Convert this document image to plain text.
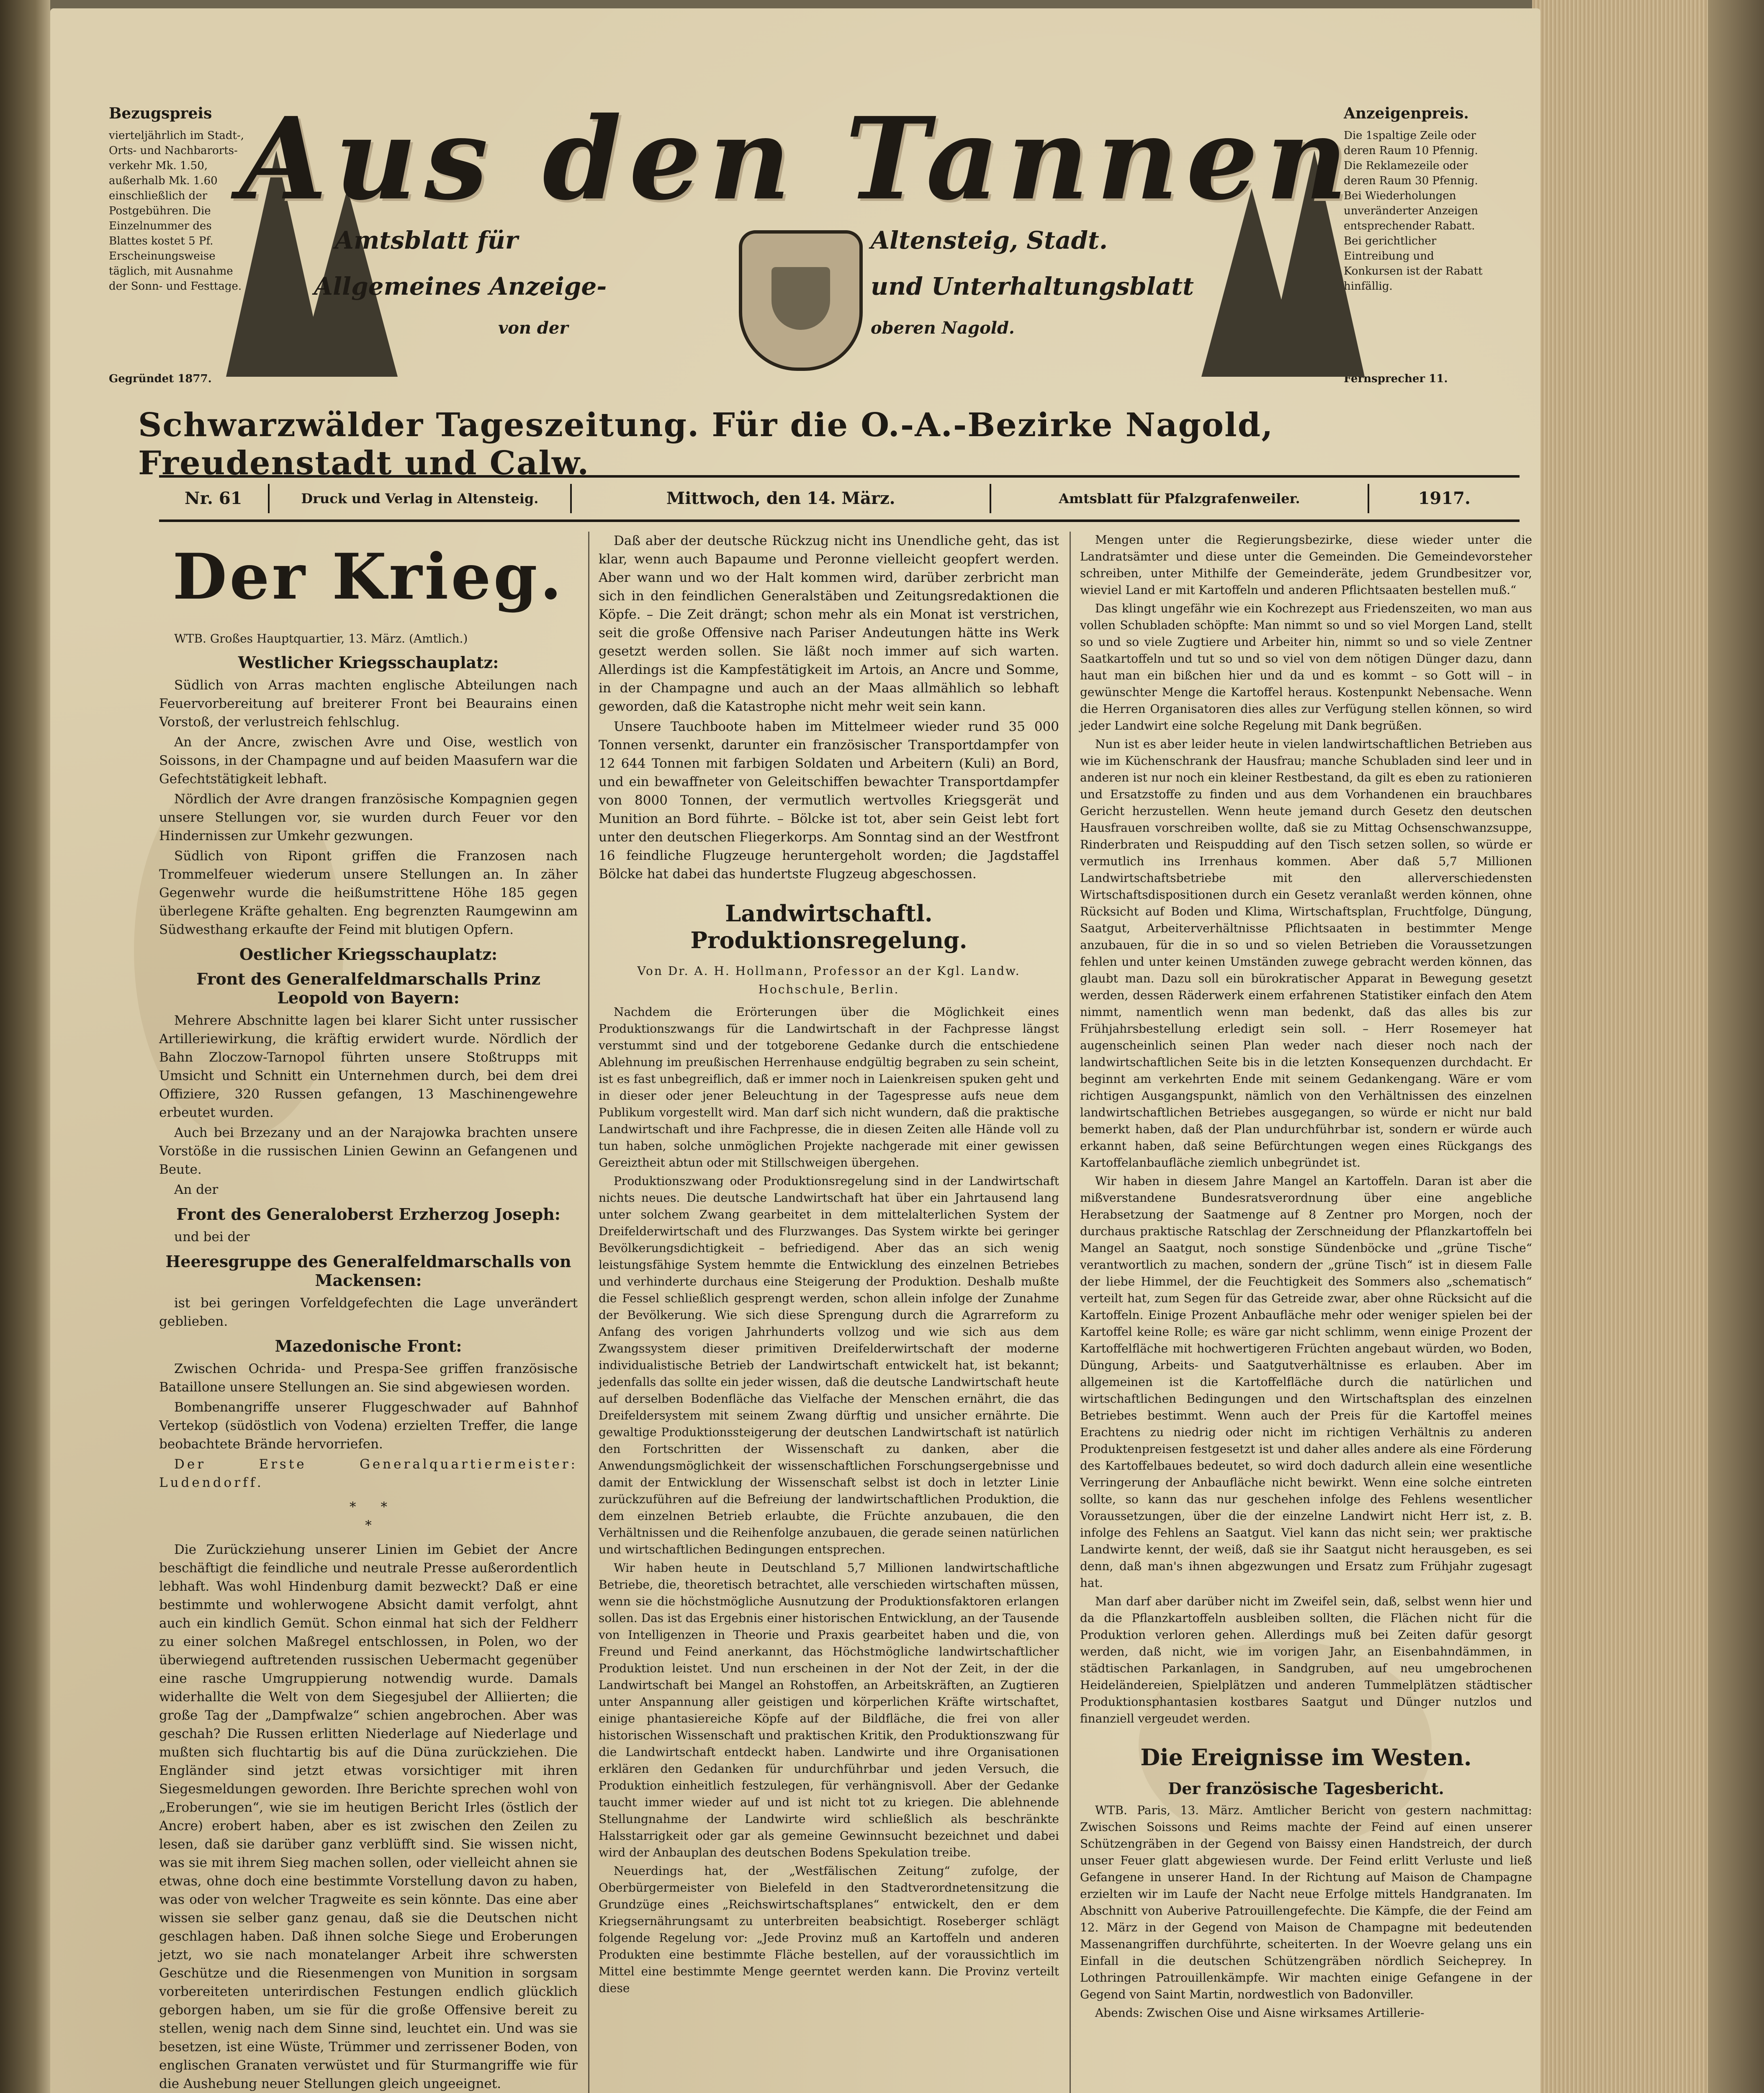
Bezugspreis
vierteljährlich im Stadt-, Orts- und Nachbarorts- verkehr Mk. 1.50, außerhalb Mk. 1.60 einschließlich der Postgebühren. Die Einzelnummer des Blattes kostet 5 Pf. Erscheinungsweise täglich, mit Ausnahme der Sonn- und Festtage.
Gegründet 1877.
Anzeigenpreis.
Die 1spaltige Zeile oder deren Raum 10 Pfennig. Die Reklamezeile oder deren Raum 30 Pfennig. Bei Wiederholungen unveränderter Anzeigen entsprechender Rabatt. Bei gerichtlicher Eintreibung und Konkursen ist der Rabatt hinfällig.
Fernsprecher 11.
Aus den Tannen
Amtsblatt für	Altensteig, Stadt.
Allgemeines Anzeige-	und Unterhaltungsblatt
von der	oberen Nagold.
Schwarzwälder Tageszeitung. Für die O.-A.-Bezirke Nagold, Freudenstadt und Calw.
Nr. 61	Druck und Verlag in Altensteig.	Mittwoch, den 14. März.	Amtsblatt für Pfalzgrafenweiler.	1917.
Der Krieg.

WTB. Großes Hauptquartier, 13. März. (Amtlich.)

Westlicher Kriegsschauplatz:

Südlich von Arras machten englische Abteilungen nach Feuervorbereitung auf breiterer Front bei Beaurains einen Vorstoß, der verlustreich fehlschlug.

An der Ancre, zwischen Avre und Oise, westlich von Soissons, in der Champagne und auf beiden Maasufern war die Gefechtstätigkeit lebhaft.

Nördlich der Avre drangen französische Kompagnien gegen unsere Stellungen vor, sie wurden durch Feuer vor den Hindernissen zur Umkehr gezwungen.

Südlich von Ripont griffen die Franzosen nach Trommelfeuer wiederum unsere Stellungen an. In zäher Gegenwehr wurde die heißumstrittene Höhe 185 gegen überlegene Kräfte gehalten. Eng begrenzten Raumgewinn am Südwesthang erkaufte der Feind mit blutigen Opfern.

Oestlicher Kriegsschauplatz:
Front des Generalfeldmarschalls Prinz Leopold von Bayern:

Mehrere Abschnitte lagen bei klarer Sicht unter russischer Artilleriewirkung, die kräftig erwidert wurde. Nördlich der Bahn Zloczow-Tarnopol führten unsere Stoßtrupps mit Umsicht und Schnitt ein Unternehmen durch, bei dem drei Offiziere, 320 Russen gefangen, 13 Maschinengewehre erbeutet wurden.

Auch bei Brzezany und an der Narajowka brachten unsere Vorstöße in die russischen Linien Gewinn an Gefangenen und Beute.

An der

Front des Generaloberst Erzherzog Joseph:

und bei der

Heeresgruppe des Generalfeldmarschalls von Mackensen:

ist bei geringen Vorfeldgefechten die Lage unverändert geblieben.

Mazedonische Front:

Zwischen Ochrida- und Prespa-See griffen französische Bataillone unsere Stellungen an. Sie sind abgewiesen worden.

Bombenangriffe unserer Fluggeschwader auf Bahnhof Vertekop (südöstlich von Vodena) erzielten Treffer, die lange beobachtete Brände hervorriefen.

Der Erste Generalquartiermeister: Ludendorff.

*      *
*

Die Zurückziehung unserer Linien im Gebiet der Ancre beschäftigt die feindliche und neutrale Presse außerordentlich lebhaft. Was wohl Hindenburg damit bezweckt? Daß er eine bestimmte und wohlerwogene Absicht damit verfolgt, ahnt auch ein kindlich Gemüt. Schon einmal hat sich der Feldherr zu einer solchen Maßregel entschlossen, in Polen, wo der überwiegend auftretenden russischen Uebermacht gegenüber eine rasche Umgruppierung notwendig wurde. Damals widerhallte die Welt von dem Siegesjubel der Alliierten; die große Tag der „Dampfwalze“ schien angebrochen. Aber was geschah? Die Russen erlitten Niederlage auf Niederlage und mußten sich fluchtartig bis auf die Düna zurückziehen. Die Engländer sind jetzt etwas vorsichtiger mit ihren Siegesmeldungen geworden. Ihre Berichte sprechen wohl von „Eroberungen“, wie sie im heutigen Bericht Irles (östlich der Ancre) erobert haben, aber es ist zwischen den Zeilen zu lesen, daß sie darüber ganz verblüfft sind. Sie wissen nicht, was sie mit ihrem Sieg machen sollen, oder vielleicht ahnen sie etwas, ohne doch eine bestimmte Vorstellung davon zu haben, was oder von welcher Tragweite es sein könnte. Das eine aber wissen sie selber ganz genau, daß sie die Deutschen nicht geschlagen haben. Daß ihnen solche Siege und Eroberungen jetzt, wo sie nach monatelanger Arbeit ihre schwersten Geschütze und die Riesenmengen von Munition in sorgsam vorbereiteten unterirdischen Festungen endlich glücklich geborgen haben, um sie für die große Offensive bereit zu stellen, wenig nach dem Sinne sind, leuchtet ein. Und was sie besetzen, ist eine Wüste, Trümmer und zerrissener Boden, von englischen Granaten verwüstet und für Sturmangriffe wie für die Aushebung neuer Stellungen gleich ungeeignet.

Daß aber der deutsche Rückzug nicht ins Unendliche geht, das ist klar, wenn auch Bapaume und Peronne vielleicht geopfert werden. Aber wann und wo der Halt kommen wird, darüber zerbricht man sich in den feindlichen Generalstäben und Zeitungsredaktionen die Köpfe. – Die Zeit drängt; schon mehr als ein Monat ist verstrichen, seit die große Offensive nach Pariser Andeutungen hätte ins Werk gesetzt werden sollen. Sie läßt noch immer auf sich warten. Allerdings ist die Kampfestätigkeit im Artois, an Ancre und Somme, in der Champagne und auch an der Maas allmählich so lebhaft geworden, daß die Katastrophe nicht mehr weit sein kann.

Unsere Tauchboote haben im Mittelmeer wieder rund 35 000 Tonnen versenkt, darunter ein französischer Transportdampfer von 12 644 Tonnen mit farbigen Soldaten und Arbeitern (Kuli) an Bord, und ein bewaffneter von Geleitschiffen bewachter Transportdampfer von 8000 Tonnen, der vermutlich wertvolles Kriegsgerät und Munition an Bord führte. – Bölcke ist tot, aber sein Geist lebt fort unter den deutschen Fliegerkorps. Am Sonntag sind an der Westfront 16 feindliche Flugzeuge heruntergeholt worden; die Jagdstaffel Bölcke hat dabei das hundertste Flugzeug abgeschossen.

Landwirtschaftl. Produktionsregelung.

Von Dr. A. H. Hollmann, Professor an der Kgl. Landw. Hochschule, Berlin.

Nachdem die Erörterungen über die Möglichkeit eines Produktionszwangs für die Landwirtschaft in der Fachpresse längst verstummt sind und der totgeborene Gedanke durch die entschiedene Ablehnung im preußischen Herrenhause endgültig begraben zu sein scheint, ist es fast unbegreiflich, daß er immer noch in Laienkreisen spuken geht und in dieser oder jener Beleuchtung in der Tagespresse aufs neue dem Publikum vorgestellt wird. Man darf sich nicht wundern, daß die praktische Landwirtschaft und ihre Fachpresse, die in diesen Zeiten alle Hände voll zu tun haben, solche unmöglichen Projekte nachgerade mit einer gewissen Gereiztheit abtun oder mit Stillschweigen übergehen.

Produktionszwang oder Produktionsregelung sind in der Landwirtschaft nichts neues. Die deutsche Landwirtschaft hat über ein Jahrtausend lang unter solchem Zwang gearbeitet in dem mittelalterlichen System der Dreifelderwirtschaft und des Flurzwanges. Das System wirkte bei geringer Bevölkerungsdichtigkeit – befriedigend. Aber das an sich wenig leistungsfähige System hemmte die Entwicklung des einzelnen Betriebes und verhinderte durchaus eine Steigerung der Produktion. Deshalb mußte die Fessel schließlich gesprengt werden, schon allein infolge der Zunahme der Bevölkerung. Wie sich diese Sprengung durch die Agrarreform zu Anfang des vorigen Jahrhunderts vollzog und wie sich aus dem Zwangssystem dieser primitiven Dreifelderwirtschaft der moderne individualistische Betrieb der Landwirtschaft entwickelt hat, ist bekannt; jedenfalls das sollte ein jeder wissen, daß die deutsche Landwirtschaft heute auf derselben Bodenfläche das Vielfache der Menschen ernährt, die das Dreifeldersystem mit seinem Zwang dürftig und unsicher ernährte. Die gewaltige Produktionssteigerung der deutschen Landwirtschaft ist natürlich den Fortschritten der Wissenschaft zu danken, aber die Anwendungsmöglichkeit der wissenschaftlichen Forschungsergebnisse und damit der Entwicklung der Wissenschaft selbst ist doch in letzter Linie zurückzuführen auf die Befreiung der landwirtschaftlichen Produktion, die dem einzelnen Betrieb erlaubte, die Früchte anzubauen, die den Verhältnissen und die Reihenfolge anzubauen, die gerade seinen natürlichen und wirtschaftlichen Bedingungen entsprechen.

Wir haben heute in Deutschland 5,7 Millionen landwirtschaftliche Betriebe, die, theoretisch betrachtet, alle verschieden wirtschaften müssen, wenn sie die höchstmögliche Ausnutzung der Produktionsfaktoren erlangen sollen. Das ist das Ergebnis einer historischen Entwicklung, an der Tausende von Intelligenzen in Theorie und Praxis gearbeitet haben und die, von Freund und Feind anerkannt, das Höchstmögliche landwirtschaftlicher Produktion leistet. Und nun erscheinen in der Not der Zeit, in der die Landwirtschaft bei Mangel an Rohstoffen, an Arbeitskräften, an Zugtieren unter Anspannung aller geistigen und körperlichen Kräfte wirtschaftet, einige phantasiereiche Köpfe auf der Bildfläche, die frei von aller historischen Wissenschaft und praktischen Kritik, den Produktionszwang für die Landwirtschaft entdeckt haben. Landwirte und ihre Organisationen erklären den Gedanken für undurchführbar und jeden Versuch, die Produktion einheitlich festzulegen, für verhängnisvoll. Aber der Gedanke taucht immer wieder auf und ist nicht tot zu kriegen. Die ablehnende Stellungnahme der Landwirte wird schließlich als beschränkte Halsstarrigkeit oder gar als gemeine Gewinnsucht bezeichnet und dabei wird der Anbauplan des deutschen Bodens Spekulation treibe.

Neuerdings hat, der „Westfälischen Zeitung“ zufolge, der Oberbürgermeister von Bielefeld in den Stadtverordnetensitzung die Grundzüge eines „Reichswirtschaftsplanes“ entwickelt, den er dem Kriegsernährungsamt zu unterbreiten beabsichtigt. Roseberger schlägt folgende Regelung vor: „Jede Provinz muß an Kartoffeln und anderen Produkten eine bestimmte Fläche bestellen, auf der voraussichtlich im Mittel eine bestimmte Menge geerntet werden kann. Die Provinz verteilt diese

Mengen unter die Regierungsbezirke, diese wieder unter die Landratsämter und diese unter die Gemeinden. Die Gemeindevorsteher schreiben, unter Mithilfe der Gemeinderäte, jedem Grundbesitzer vor, wieviel Land er mit Kartoffeln und anderen Pflichtsaaten bestellen muß.“

Das klingt ungefähr wie ein Kochrezept aus Friedenszeiten, wo man aus vollen Schubladen schöpfte: Man nimmt so und so viel Morgen Land, stellt so und so viele Zugtiere und Arbeiter hin, nimmt so und so viele Zentner Saatkartoffeln und tut so und so viel von dem nötigen Dünger dazu, dann haut man ein bißchen hier und da und es kommt – so Gott will – in gewünschter Menge die Kartoffel heraus. Kostenpunkt Nebensache. Wenn die Herren Organisatoren dies alles zur Verfügung stellen können, so wird jeder Landwirt eine solche Regelung mit Dank begrüßen.

Nun ist es aber leider heute in vielen landwirtschaftlichen Betrieben aus wie im Küchenschrank der Hausfrau; manche Schubladen sind leer und in anderen ist nur noch ein kleiner Restbestand, da gilt es eben zu rationieren und Ersatzstoffe zu finden und aus dem Vorhandenen ein brauchbares Gericht herzustellen. Wenn heute jemand durch Gesetz den deutschen Hausfrauen vorschreiben wollte, daß sie zu Mittag Ochsenschwanzsuppe, Rinderbraten und Reispudding auf den Tisch setzen sollen, so würde er vermutlich ins Irrenhaus kommen. Aber daß 5,7 Millionen Landwirtschaftsbetriebe mit den allerverschiedensten Wirtschaftsdispositionen durch ein Gesetz veranlaßt werden können, ohne Rücksicht auf Boden und Klima, Wirtschaftsplan, Fruchtfolge, Düngung, Saatgut, Arbeiterverhältnisse Pflichtsaaten in bestimmter Menge anzubauen, für die in so und so vielen Betrieben die Voraussetzungen fehlen und unter keinen Umständen zuwege gebracht werden können, das glaubt man. Dazu soll ein bürokratischer Apparat in Bewegung gesetzt werden, dessen Räderwerk einem erfahrenen Statistiker einfach den Atem nimmt, namentlich wenn man bedenkt, daß das alles bis zur Frühjahrsbestellung erledigt sein soll. – Herr Rosemeyer hat augenscheinlich seinen Plan weder nach dieser noch nach der landwirtschaftlichen Seite bis in die letzten Konsequenzen durchdacht. Er beginnt am verkehrten Ende mit seinem Gedankengang. Wäre er vom richtigen Ausgangspunkt, nämlich von den Verhältnissen des einzelnen landwirtschaftlichen Betriebes ausgegangen, so würde er nicht nur bald bemerkt haben, daß der Plan undurchführbar ist, sondern er würde auch erkannt haben, daß seine Befürchtungen wegen eines Rückgangs des Kartoffelanbaufläche ziemlich unbegründet ist.

Wir haben in diesem Jahre Mangel an Kartoffeln. Daran ist aber die mißverstandene Bundesratsverordnung über eine angebliche Herabsetzung der Saatmenge auf 8 Zentner pro Morgen, noch der durchaus praktische Ratschlag der Zerschneidung der Pflanzkartoffeln bei Mangel an Saatgut, noch sonstige Sündenböcke und „grüne Tische“ verantwortlich zu machen, sondern der „grüne Tisch“ ist in diesem Falle der liebe Himmel, der die Feuchtigkeit des Sommers also „schematisch“ verteilt hat, zum Segen für das Getreide zwar, aber ohne Rücksicht auf die Kartoffeln. Einige Prozent Anbaufläche mehr oder weniger spielen bei der Kartoffel keine Rolle; es wäre gar nicht schlimm, wenn einige Prozent der Kartoffelfläche mit hochwertigeren Früchten angebaut würden, wo Boden, Düngung, Arbeits- und Saatgutverhältnisse es erlauben. Aber im allgemeinen ist die Kartoffelfläche durch die natürlichen und wirtschaftlichen Bedingungen und den Wirtschaftsplan des einzelnen Betriebes bestimmt. Wenn auch der Preis für die Kartoffel meines Erachtens zu niedrig oder nicht im richtigen Verhältnis zu anderen Produktenpreisen festgesetzt ist und daher alles andere als eine Förderung des Kartoffelbaues bedeutet, so wird doch dadurch allein eine wesentliche Verringerung der Anbaufläche nicht bewirkt. Wenn eine solche eintreten sollte, so kann das nur geschehen infolge des Fehlens wesentlicher Voraussetzungen, über die der einzelne Landwirt nicht Herr ist, z. B. infolge des Fehlens an Saatgut. Viel kann das nicht sein; wer praktische Landwirte kennt, der weiß, daß sie ihr Saatgut nicht herausgeben, es sei denn, daß man's ihnen abgezwungen und Ersatz zum Frühjahr zugesagt hat.

Man darf aber darüber nicht im Zweifel sein, daß, selbst wenn hier und da die Pflanzkartoffeln ausbleiben sollten, die Flächen nicht für die Produktion verloren gehen. Allerdings muß bei Zeiten dafür gesorgt werden, daß nicht, wie im vorigen Jahr, an Eisenbahndämmen, in städtischen Parkanlagen, in Sandgruben, auf neu umgebrochenen Heideländereien, Spielplätzen und anderen Tummelplätzen städtischer Produktionsphantasien kostbares Saatgut und Dünger nutzlos und finanziell vergeudet werden.

Die Ereignisse im Westen.
Der französische Tagesbericht.

WTB. Paris, 13. März. Amtlicher Bericht von gestern nachmittag: Zwischen Soissons und Reims machte der Feind auf einen unserer Schützengräben in der Gegend von Baissy einen Handstreich, der durch unser Feuer glatt abgewiesen wurde. Der Feind erlitt Verluste und ließ Gefangene in unserer Hand. In der Richtung auf Maison de Champagne erzielten wir im Laufe der Nacht neue Erfolge mittels Handgranaten. Im Abschnitt von Auberive Patrouillengefechte. Die Kämpfe, die der Feind am 12. März in der Gegend von Maison de Champagne mit bedeutenden Massenangriffen durchführte, scheiterten. In der Woevre gelang uns ein Einfall in die deutschen Schützengräben nördlich Seicheprey. In Lothringen Patrouillenkämpfe. Wir machten einige Gefangene in der Gegend von Saint Martin, nordwestlich von Badonviller.

Abends: Zwischen Oise und Aisne wirksames Artillerie-
